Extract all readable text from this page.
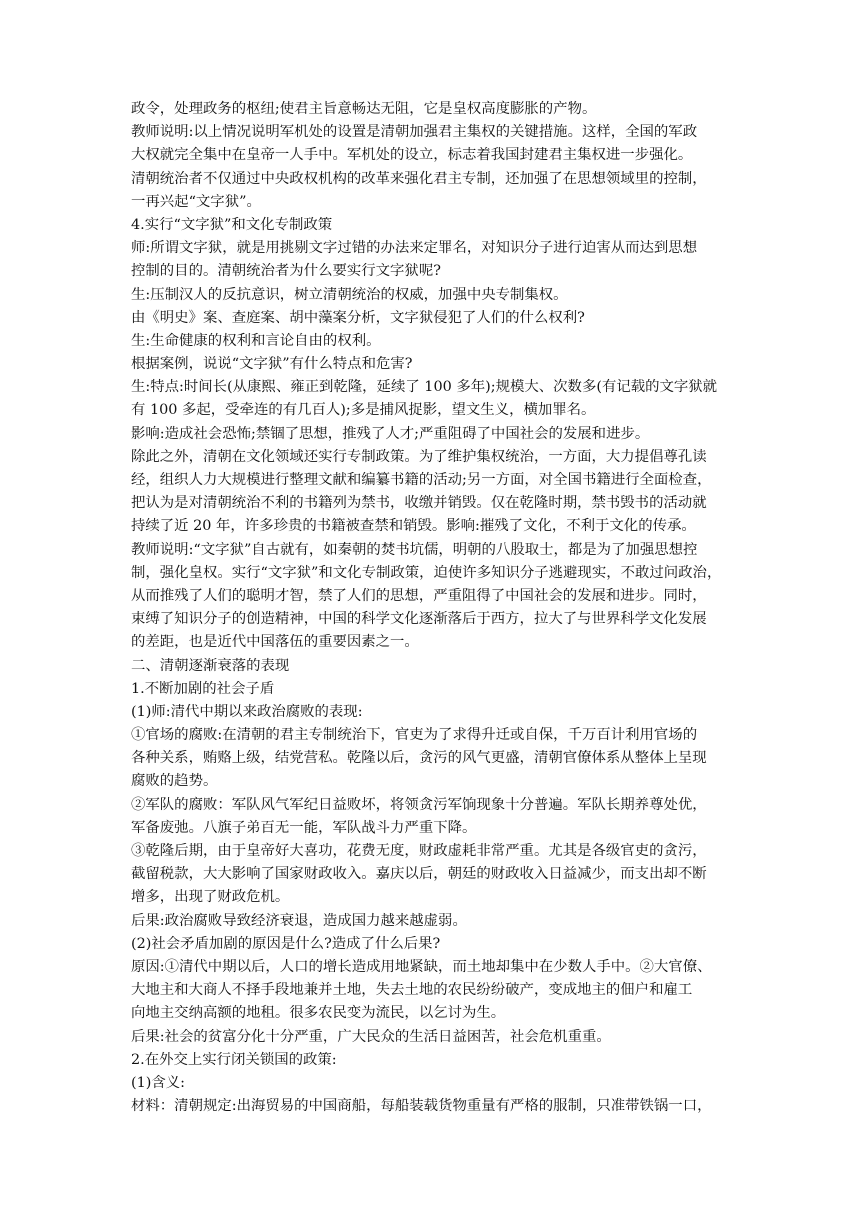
政令，处理政务的枢纽;使君主旨意畅达无阻，它是皇权高度膨胀的产物。
教师说明:以上情况说明军机处的设置是清朝加强君主集权的关键措施。这样，全国的军政
大权就完全集中在皇帝一人手中。军机处的设立，标志着我国封建君主集权进一步强化。
清朝统治者不仅通过中央政权机构的改革来强化君主专制，还加强了在思想领域里的控制，
一再兴起“文字狱”。
4.实行“文字狱”和文化专制政策
师:所谓文字狱，就是用挑剔文字过错的办法来定罪名，对知识分子进行迫害从而达到思想
控制的目的。清朝统治者为什么要实行文字狱呢?
生:压制汉人的反抗意识，树立清朝统治的权威，加强中央专制集权。
由《明史》案、查庭案、胡中藻案分析，文字狱侵犯了人们的什么权利?
生:生命健康的权利和言论自由的权利。
根据案例，说说“文字狱”有什么特点和危害?
生:特点:时间长(从康熙、雍正到乾隆，延续了 100 多年);规模大、次数多(有记载的文字狱就
有 100 多起，受牵连的有几百人);多是捕风捉影，望文生义，横加罪名。
影响:造成社会恐怖;禁锢了思想，推残了人才;严重阻碍了中国社会的发展和进步。
除此之外，清朝在文化领域还实行专制政策。为了维护集权统治，一方面，大力提倡尊孔读
经，组织人力大规模进行整理文献和编纂书籍的活动;另一方面，对全国书籍进行全面检查，
把认为是对清朝统治不利的书籍列为禁书，收缴并销毁。仅在乾隆时期，禁书毁书的活动就
持续了近 20 年，许多珍贵的书籍被查禁和销毁。影响:摧残了文化，不利于文化的传承。
教师说明:“文字狱”自古就有，如秦朝的焚书坑儒，明朝的八股取士，都是为了加强思想控
制，强化皇权。实行“文字狱”和文化专制政策，迫使许多知识分子逃避现实，不敢过问政治，
从而推残了人们的聪明才智，禁了人们的思想，严重阻得了中国社会的发展和进步。同时，
束缚了知识分子的创造精神，中国的科学文化逐渐落后于西方，拉大了与世界科学文化发展
的差距，也是近代中国落伍的重要因素之一。
二、清朝逐渐衰落的表现
1.不断加剧的社会子盾
(1)师:清代中期以来政治腐败的表现:
①官场的腐败:在清朝的君主专制统治下，官吏为了求得升迁或自保，千万百计利用官场的
各种关系，贿赂上级，结党营私。乾隆以后，贪污的风气更盛，清朝官僚体系从整体上呈现
腐败的趋势。
②军队的腐败：军队风气军纪日益败坏，将领贪污军饷现象十分普遍。军队长期养尊处优，
军备废弛。八旗子弟百无一能，军队战斗力严重下降。
③乾隆后期，由于皇帝好大喜功，花费无度，财政虚耗非常严重。尤其是各级官吏的贪污，
截留税款，大大影响了国家财政收入。嘉庆以后，朝廷的财政收入日益减少，而支出却不断
增多，出现了财政危机。
后果:政治腐败导致经济衰退，造成国力越来越虚弱。
(2)社会矛盾加剧的原因是什么?造成了什么后果?
原因:①清代中期以后，人口的增长造成用地紧缺，而土地却集中在少数人手中。②大官僚、
大地主和大商人不择手段地兼并土地，失去土地的农民纷纷破产，变成地主的佃户和雇工
向地主交纳高额的地租。很多农民变为流民，以乞讨为生。
后果:社会的贫富分化十分严重，广大民众的生活日益困苦，社会危机重重。
2.在外交上实行闭关锁国的政策:
(1)含义:
材料：清朝规定:出海贸易的中国商船，每船装载货物重量有严格的服制，只准带铁锅一口，
